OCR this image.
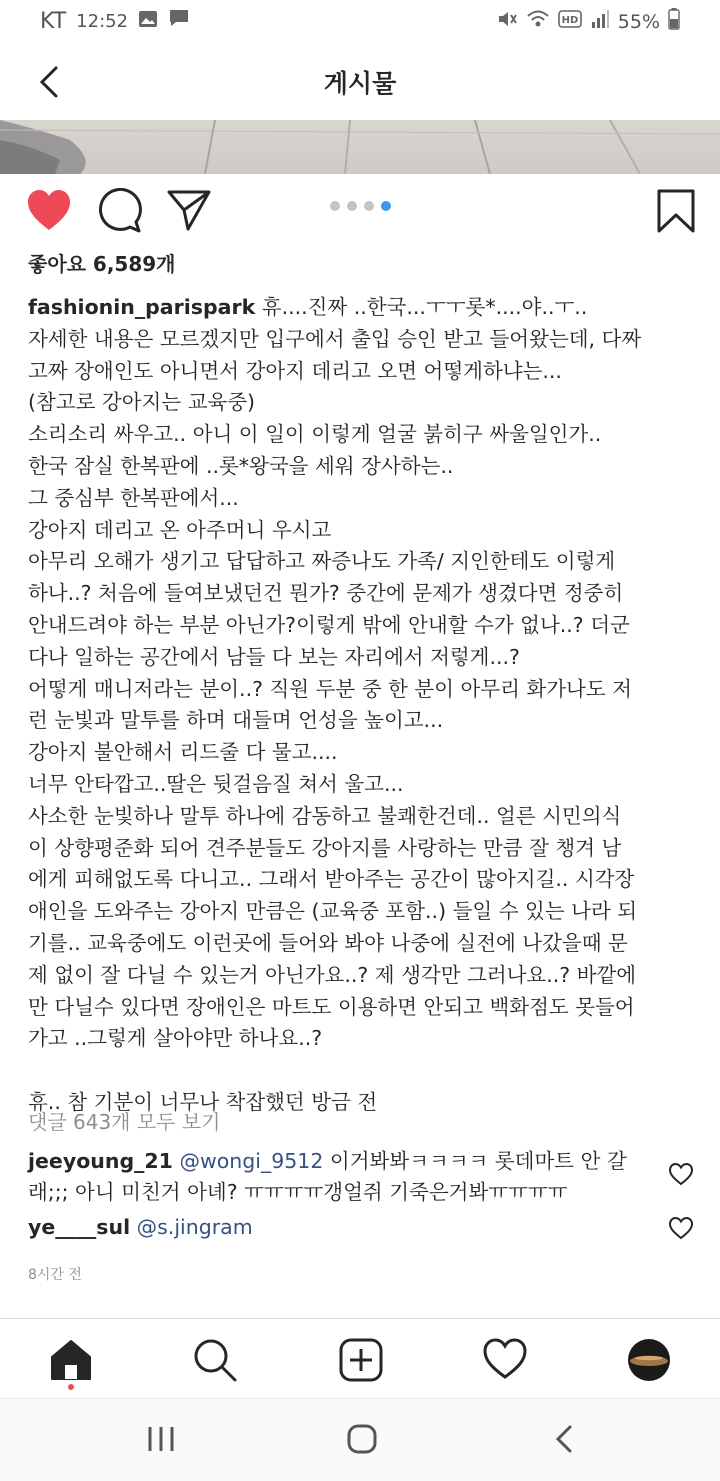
KT 12:52	HD 55%
게시물
좋아요 6,589개

fashionin_parispark 휴....진짜 ..한국...ㅜㅜ롯*....야..ㅜ..

자세한 내용은 모르겠지만 입구에서 출입 승인 받고 들어왔는데, 다짜

고짜 장애인도 아니면서 강아지 데리고 오면 어떻게하냐는...

(참고로 강아지는 교육중)

소리소리 싸우고.. 아니 이 일이 이렇게 얼굴 붉히구 싸울일인가..

한국 잠실 한복판에 ..롯*왕국을 세워 장사하는..

그 중심부 한복판에서...

강아지 데리고 온 아주머니 우시고

아무리 오해가 생기고 답답하고 짜증나도 가족/ 지인한테도 이렇게

하나..? 처음에 들여보냈던건 뭔가? 중간에 문제가 생겼다면 정중히

안내드려야 하는 부분 아닌가?이렇게 밖에 안내할 수가 없나..? 더군

다나 일하는 공간에서 남들 다 보는 자리에서 저렇게...?

어떻게 매니저라는 분이..? 직원 두분 중 한 분이 아무리 화가나도 저

런 눈빛과 말투를 하며 대들며 언성을 높이고...

강아지 불안해서 리드줄 다 물고....

너무 안타깝고..딸은 뒷걸음질 쳐서 울고...

사소한 눈빛하나 말투 하나에 감동하고 불쾌한건데.. 얼른 시민의식

이 상향평준화 되어 견주분들도 강아지를 사랑하는 만큼 잘 챙겨 남

에게 피해없도록 다니고.. 그래서 받아주는 공간이 많아지길.. 시각장

애인을 도와주는 강아지 만큼은 (교육중 포함..) 들일 수 있는 나라 되

기를.. 교육중에도 이런곳에 들어와 봐야 나중에 실전에 나갔을때 문

제 없이 잘 다닐 수 있는거 아닌가요..? 제 생각만 그러나요..? 바깥에

만 다닐수 있다면 장애인은 마트도 이용하면 안되고 백화점도 못들어

가고 ..그렇게 살아야만 하나요..?

휴.. 참 기분이 너무나 착잡했던 방금 전

댓글 643개 모두 보기
jeeyoung_21 @wongi_9512 이거봐봐ㅋㅋㅋㅋ 롯데마트 안 갈
래;;; 아니 미친거 아녜? ㅠㅠㅠㅠ갱얼쥐 기죽은거봐ㅠㅠㅠㅠ
ye____sul @s.jingram
8시간 전
